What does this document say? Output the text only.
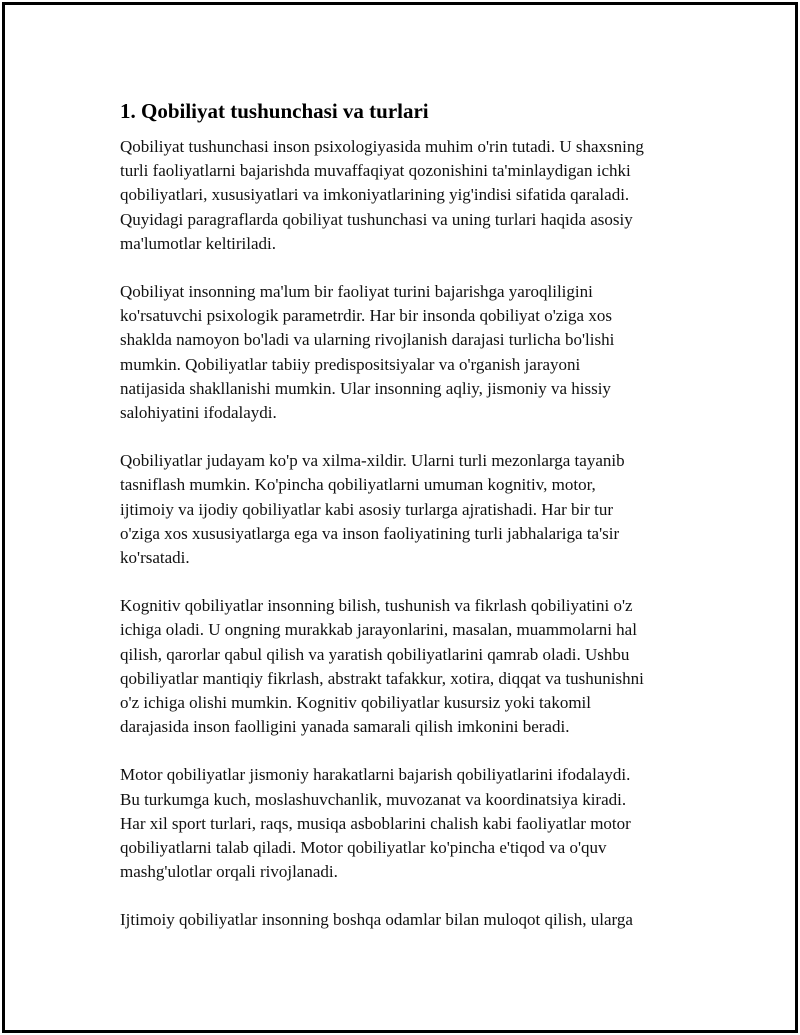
1. Qobiliyat tushunchasi va turlari

Qobiliyat tushunchasi inson psixologiyasida muhim o'rin tutadi. U shaxsning
turli faoliyatlarni bajarishda muvaffaqiyat qozonishini ta'minlaydigan ichki
qobiliyatlari, xususiyatlari va imkoniyatlarining yig'indisi sifatida qaraladi.
Quyidagi paragraflarda qobiliyat tushunchasi va uning turlari haqida asosiy
ma'lumotlar keltiriladi.

Qobiliyat insonning ma'lum bir faoliyat turini bajarishga yaroqliligini
ko'rsatuvchi psixologik parametrdir. Har bir insonda qobiliyat o'ziga xos
shaklda namoyon bo'ladi va ularning rivojlanish darajasi turlicha bo'lishi
mumkin. Qobiliyatlar tabiiy predispositsiyalar va o'rganish jarayoni
natijasida shakllanishi mumkin. Ular insonning aqliy, jismoniy va hissiy
salohiyatini ifodalaydi.

Qobiliyatlar judayam ko'p va xilma-xildir. Ularni turli mezonlarga tayanib
tasniflash mumkin. Ko'pincha qobiliyatlarni umuman kognitiv, motor,
ijtimoiy va ijodiy qobiliyatlar kabi asosiy turlarga ajratishadi. Har bir tur
o'ziga xos xususiyatlarga ega va inson faoliyatining turli jabhalariga ta'sir
ko'rsatadi.

Kognitiv qobiliyatlar insonning bilish, tushunish va fikrlash qobiliyatini o'z
ichiga oladi. U ongning murakkab jarayonlarini, masalan, muammolarni hal
qilish, qarorlar qabul qilish va yaratish qobiliyatlarini qamrab oladi. Ushbu
qobiliyatlar mantiqiy fikrlash, abstrakt tafakkur, xotira, diqqat va tushunishni
o'z ichiga olishi mumkin. Kognitiv qobiliyatlar kusursiz yoki takomil
darajasida inson faolligini yanada samarali qilish imkonini beradi.

Motor qobiliyatlar jismoniy harakatlarni bajarish qobiliyatlarini ifodalaydi.
Bu turkumga kuch, moslashuvchanlik, muvozanat va koordinatsiya kiradi.
Har xil sport turlari, raqs, musiqa asboblarini chalish kabi faoliyatlar motor
qobiliyatlarni talab qiladi. Motor qobiliyatlar ko'pincha e'tiqod va o'quv
mashg'ulotlar orqali rivojlanadi.

Ijtimoiy qobiliyatlar insonning boshqa odamlar bilan muloqot qilish, ularga
